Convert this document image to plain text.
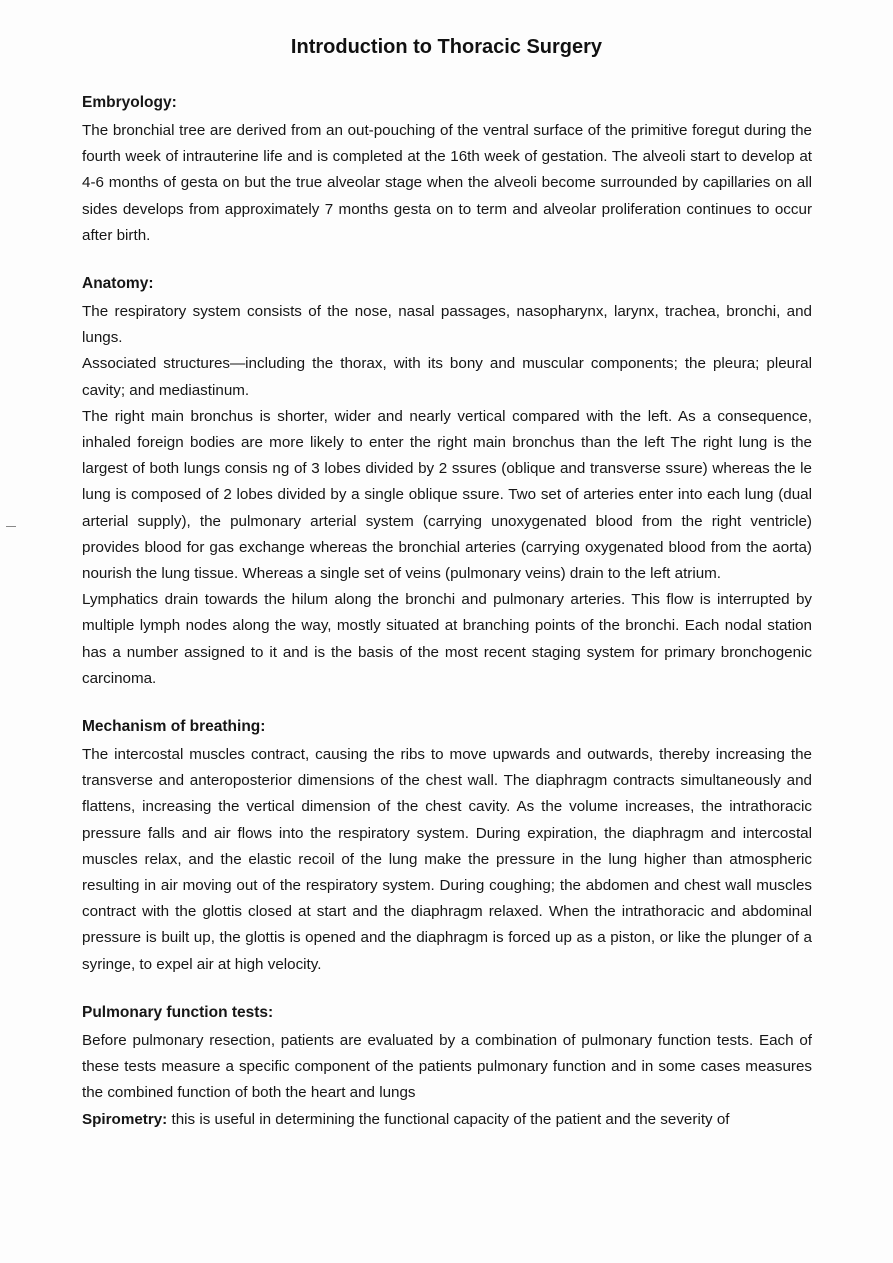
Introduction to Thoracic Surgery

Embryology:

The bronchial tree are derived from an out-pouching of the ventral surface of the primitive foregut during the fourth week of intrauterine life and is completed at the 16th week of gestation. The alveoli start to develop at 4-6 months of gesta on but the true alveolar stage when the alveoli become surrounded by capillaries on all sides develops from approximately 7 months gesta on to term and alveolar proliferation continues to occur after birth.

Anatomy:

The respiratory system consists of the nose, nasal passages, nasopharynx, larynx, trachea, bronchi, and lungs.

Associated structures—including the thorax, with its bony and muscular components; the pleura; pleural cavity; and mediastinum.

The right main bronchus is shorter, wider and nearly vertical compared with the left. As a consequence, inhaled foreign bodies are more likely to enter the right main bronchus than the left The right lung is the largest of both lungs consis ng of 3 lobes divided by 2 ssures (oblique and transverse ssure) whereas the le lung is composed of 2 lobes divided by a single oblique ssure. Two set of arteries enter into each lung (dual arterial supply), the pulmonary arterial system (carrying unoxygenated blood from the right ventricle) provides blood for gas exchange whereas the bronchial arteries (carrying oxygenated blood from the aorta) nourish the lung tissue. Whereas a single set of veins (pulmonary veins) drain to the left atrium.

Lymphatics drain towards the hilum along the bronchi and pulmonary arteries. This flow is interrupted by multiple lymph nodes along the way, mostly situated at branching points of the bronchi. Each nodal station has a number assigned to it and is the basis of the most recent staging system for primary bronchogenic carcinoma.

Mechanism of breathing:

The intercostal muscles contract, causing the ribs to move upwards and outwards, thereby increasing the transverse and anteroposterior dimensions of the chest wall. The diaphragm contracts simultaneously and flattens, increasing the vertical dimension of the chest cavity. As the volume increases, the intrathoracic pressure falls and air flows into the respiratory system. During expiration, the diaphragm and intercostal muscles relax, and the elastic recoil of the lung make the pressure in the lung higher than atmospheric resulting in air moving out of the respiratory system. During coughing; the abdomen and chest wall muscles contract with the glottis closed at start and the diaphragm relaxed. When the intrathoracic and abdominal pressure is built up, the glottis is opened and the diaphragm is forced up as a piston, or like the plunger of a syringe, to expel air at high velocity.

Pulmonary function tests:

Before pulmonary resection, patients are evaluated by a combination of pulmonary function tests. Each of these tests measure a specific component of the patients pulmonary function and in some cases measures the combined function of both the heart and lungs

Spirometry: this is useful in determining the functional capacity of the patient and the severity of
